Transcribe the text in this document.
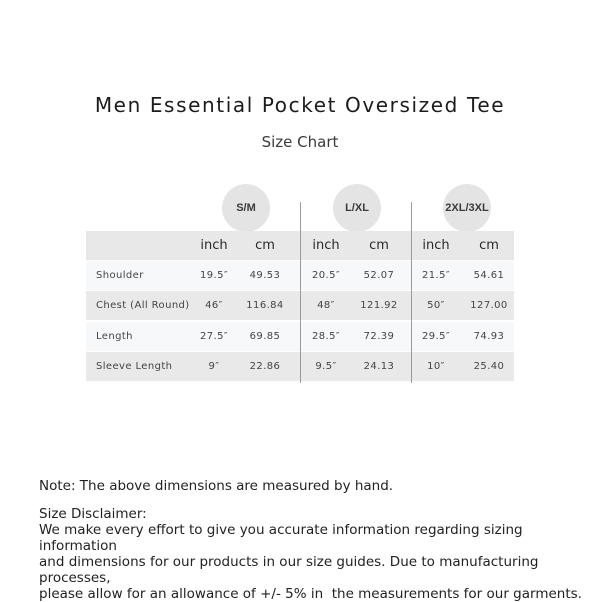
Men Essential Pocket Oversized Tee
Size Chart
S/M	L/XL	2XL/3XL
inch	cm	inch	cm	inch	cm
Shoulder	19.5″	49.53	20.5″	52.07	21.5″	54.61
Chest (All Round)	46″	116.84	48″	121.92	50″	127.00
Length	27.5″	69.85	28.5″	72.39	29.5″	74.93
Sleeve Length	9″	22.86	9.5″	24.13	10″	25.40
Note: The above dimensions are measured by hand.

Size Disclaimer:

We make every effort to give you accurate information regarding sizing information

and dimensions for our products in our size guides. Due to manufacturing processes,

please allow for an allowance of +/- 5% in  the measurements for our garments.
